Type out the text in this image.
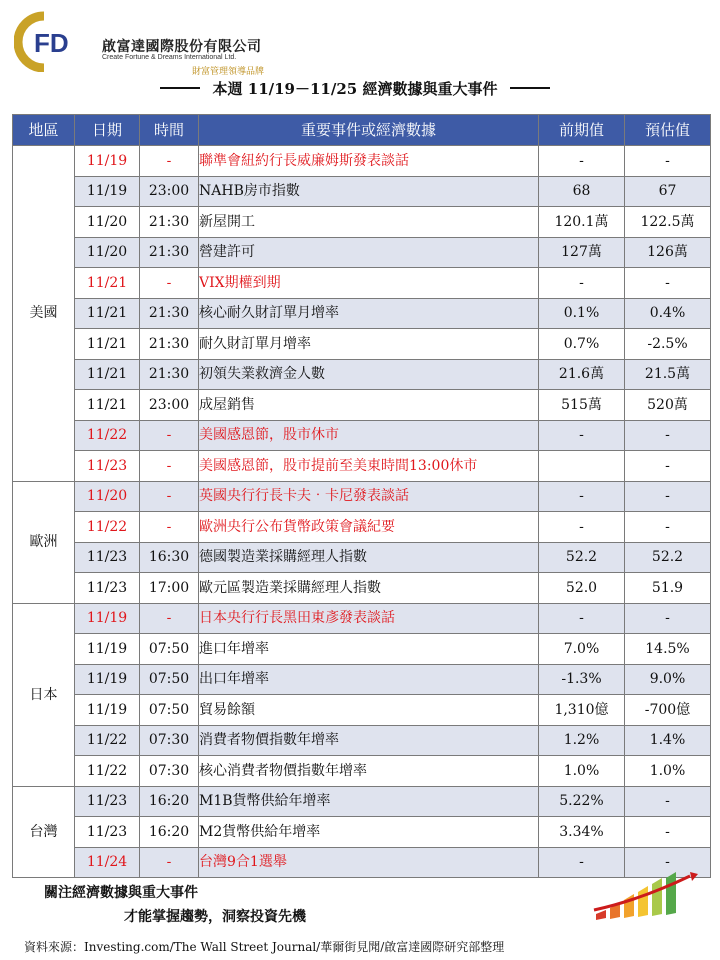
FD 啟富達國際股份有限公司
Create Fortune & Dreams International Ltd.
財富管理領導品牌
本週 11/19－11/25 經濟數據與重大事件
地區	日期	時間	重要事件或經濟數據	前期值	預估值
美國	11/19	-	聯準會紐約行長威廉姆斯發表談話	-	-
	11/19	23:00	NAHB房市指數	68	67
	11/20	21:30	新屋開工	120.1萬	122.5萬
	11/20	21:30	營建許可	127萬	126萬
	11/21	-	VIX期權到期	-	-
	11/21	21:30	核心耐久財訂單月增率	0.1%	0.4%
	11/21	21:30	耐久財訂單月增率	0.7%	-2.5%
	11/21	21:30	初領失業救濟金人數	21.6萬	21.5萬
	11/21	23:00	成屋銷售	515萬	520萬
	11/22	-	美國感恩節，股市休市	-	-
	11/23	-	美國感恩節，股市提前至美東時間13:00休市		-
歐洲	11/20	-	英國央行行長卡夫‧卡尼發表談話	-	-
	11/22	-	歐洲央行公布貨幣政策會議紀要	-	-
	11/23	16:30	德國製造業採購經理人指數	52.2	52.2
	11/23	17:00	歐元區製造業採購經理人指數	52.0	51.9
日本	11/19	-	日本央行行長黑田東彥發表談話	-	-
	11/19	07:50	進口年增率	7.0%	14.5%
	11/19	07:50	出口年增率	-1.3%	9.0%
	11/19	07:50	貿易餘額	1,310億	-700億
	11/22	07:30	消費者物價指數年增率	1.2%	1.4%
	11/22	07:30	核心消費者物價指數年增率	1.0%	1.0%
台灣	11/23	16:20	M1B貨幣供給年增率	5.22%	-
	11/23	16:20	M2貨幣供給年增率	3.34%	-
	11/24	-	台灣9合1選舉	-	-
關注經濟數據與重大事件
才能掌握趨勢，洞察投資先機
資料來源：Investing.com/The Wall Street Journal/華爾街見聞/啟富達國際研究部整理
